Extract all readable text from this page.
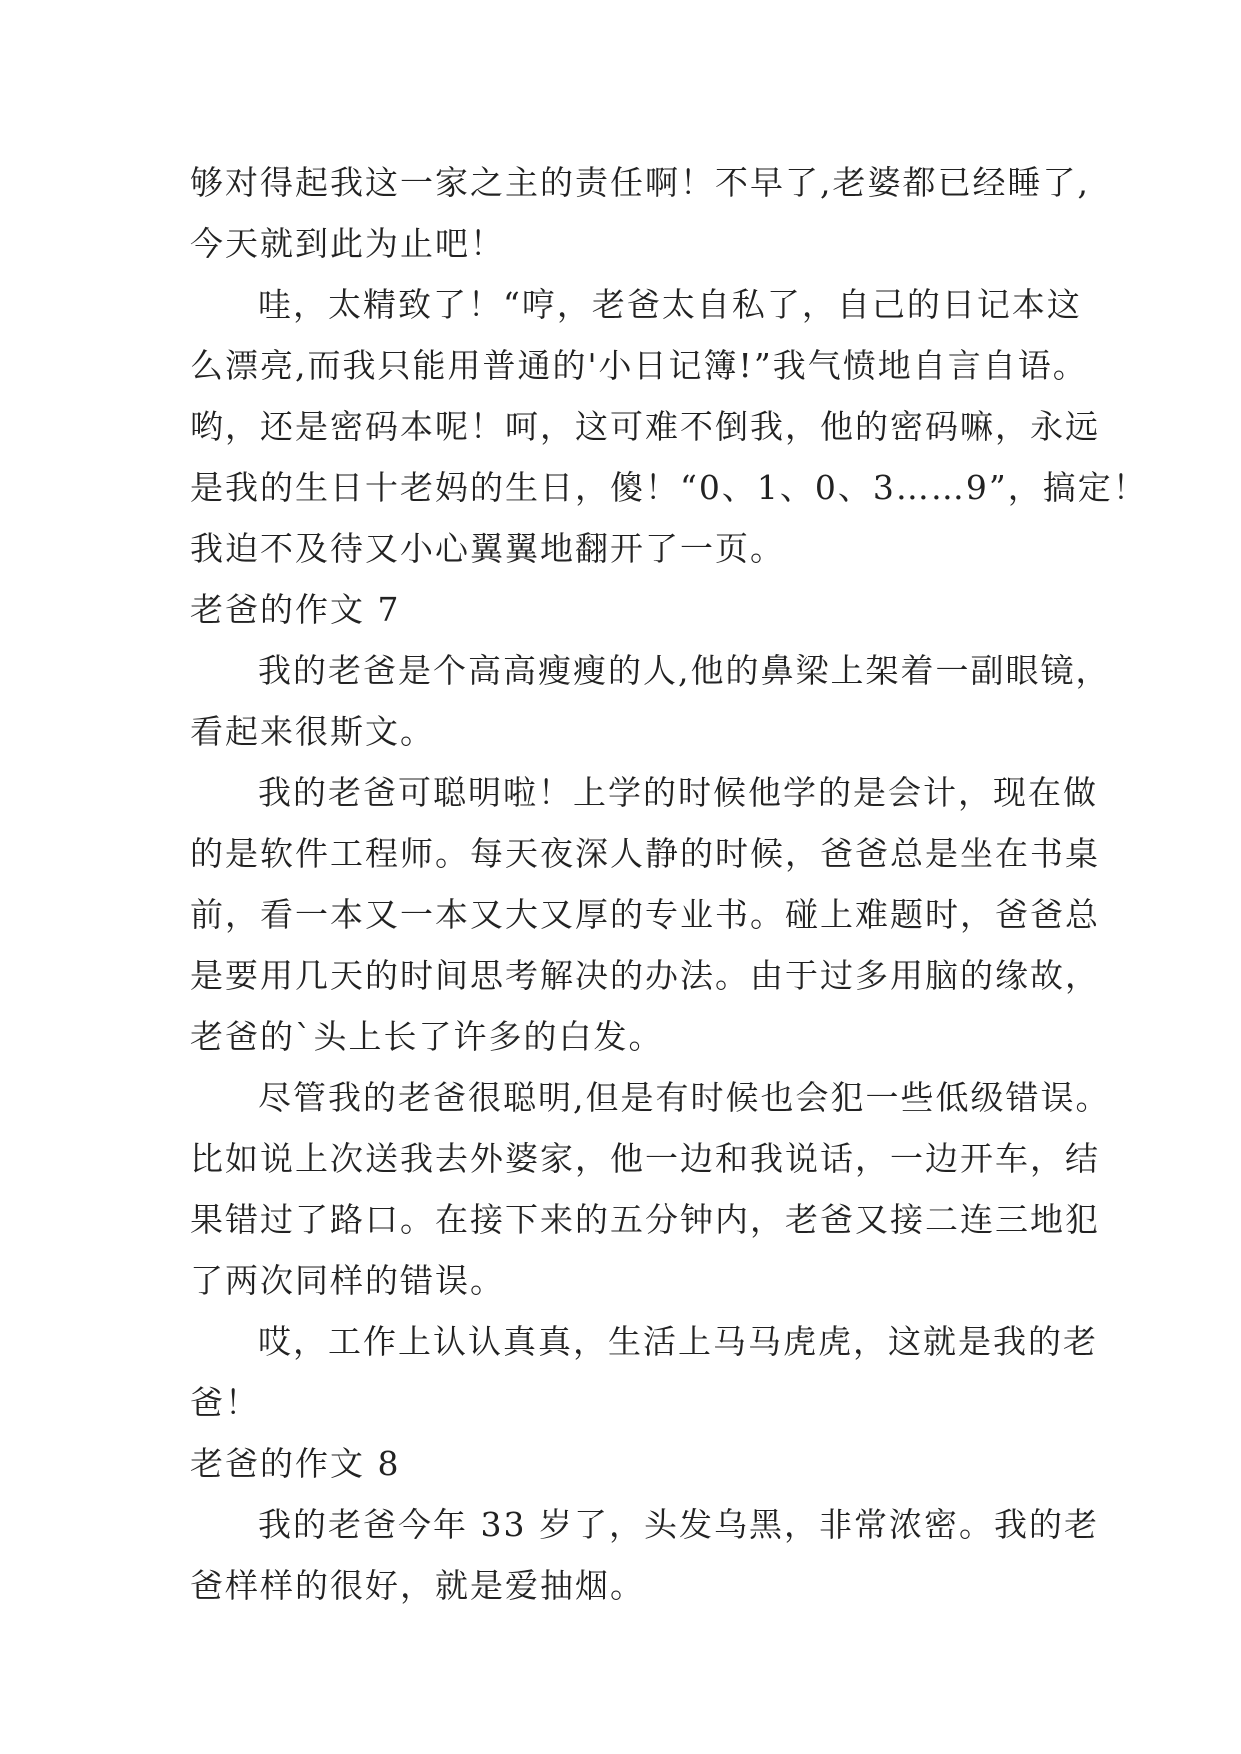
够对得起我这一家之主的责任啊！不早了,老婆都已经睡了,
今天就到此为止吧！
哇，太精致了！“哼，老爸太自私了，自己的日记本这
么漂亮,而我只能用普通的'小日记簿!”我气愤地自言自语。
哟，还是密码本呢！呵，这可难不倒我，他的密码嘛，永远
是我的生日十老妈的生日，傻！“0、1、0、3……9”，搞定！
我迫不及待又小心翼翼地翻开了一页。
老爸的作文 7
我的老爸是个高高瘦瘦的人,他的鼻梁上架着一副眼镜，
看起来很斯文。
我的老爸可聪明啦！上学的时候他学的是会计，现在做
的是软件工程师。每天夜深人静的时候，爸爸总是坐在书桌
前，看一本又一本又大又厚的专业书。碰上难题时，爸爸总
是要用几天的时间思考解决的办法。由于过多用脑的缘故，
老爸的`头上长了许多的白发。
尽管我的老爸很聪明,但是有时候也会犯一些低级错误。
比如说上次送我去外婆家，他一边和我说话，一边开车，结
果错过了路口。在接下来的五分钟内，老爸又接二连三地犯
了两次同样的错误。
哎，工作上认认真真，生活上马马虎虎，这就是我的老
爸！
老爸的作文 8
我的老爸今年 33 岁了，头发乌黑，非常浓密。我的老
爸样样的很好，就是爱抽烟。
